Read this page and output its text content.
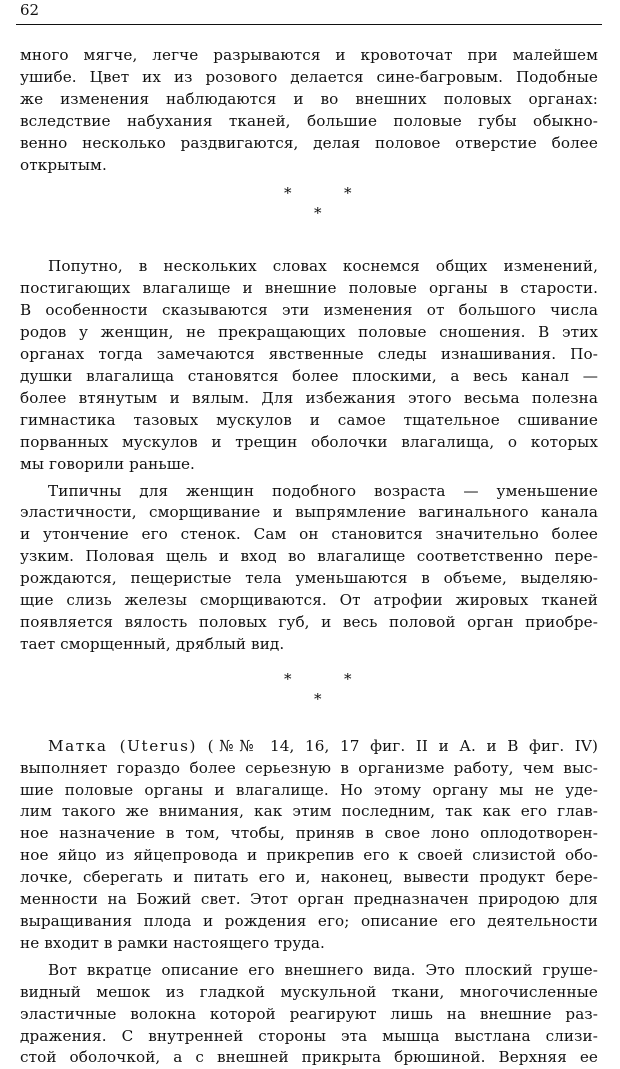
62
много мягче, легче разрываются и кровоточат при малейшем
ушибе. Цвет их из розового делается сине-багровым. Подобные
же изменения наблюдаются и во внешних половых органах:
вследствие набухания тканей, большие половые губы обыкно-
венно несколько раздвигаются, делая половое отверстие более
открытым.
*	*
*
Попутно, в нескольких словах коснемся общих изменений,
постигающих влагалище и внешние половые органы в старости.
В особенности сказываются эти изменения от большого числа
родов у женщин, не прекращающих половые сношения. В этих
органах тогда замечаются явственные следы изнашивания. По-
душки влагалища становятся более плоскими, а весь канал —
более втянутым и вялым. Для избежания этого весьма полезна
гимнастика тазовых мускулов и самое тщательное сшивание
порванных мускулов и трещин оболочки влагалища, о которых
мы говорили раньше.
Типичны для женщин подобного возраста — уменьшение
эластичности, сморщивание и выпрямление вагинального канала
и утончение его стенок. Сам он становится значительно более
узким. Половая щель и вход во влагалище соответственно пере-
рождаются, пещеристые тела уменьшаются в объеме, выделяю-
щие слизь железы сморщиваются. От атрофии жировых тканей
появляется вялость половых губ, и весь половой орган приобре-
тает сморщенный, дряблый вид.
*	*
*
Матка (Uterus) (№№ 14, 16, 17 фиг. II и А. и В фиг. IV)
выполняет гораздо более серьезную в организме работу, чем выс-
шие половые органы и влагалище. Но этому органу мы не уде-
лим такого же внимания, как этим последним, так как его глав-
ное назначение в том, чтобы, приняв в свое лоно оплодотворен-
ное яйцо из яйцепровода и прикрепив его к своей слизистой обо-
лочке, сберегать и питать его и, наконец, вывести продукт бере-
менности на Божий свет. Этот орган предназначен природою для
выращивания плода и рождения его; описание его деятельности
не входит в рамки настоящего труда.
Вот вкратце описание его внешнего вида. Это плоский груше-
видный мешок из гладкой мускульной ткани, многочисленные
эластичные волокна которой реагируют лишь на внешние раз-
дражения. С внутренней стороны эта мышца выстлана слизи-
стой оболочкой, а с внешней прикрыта брюшиной. Верхняя ее
